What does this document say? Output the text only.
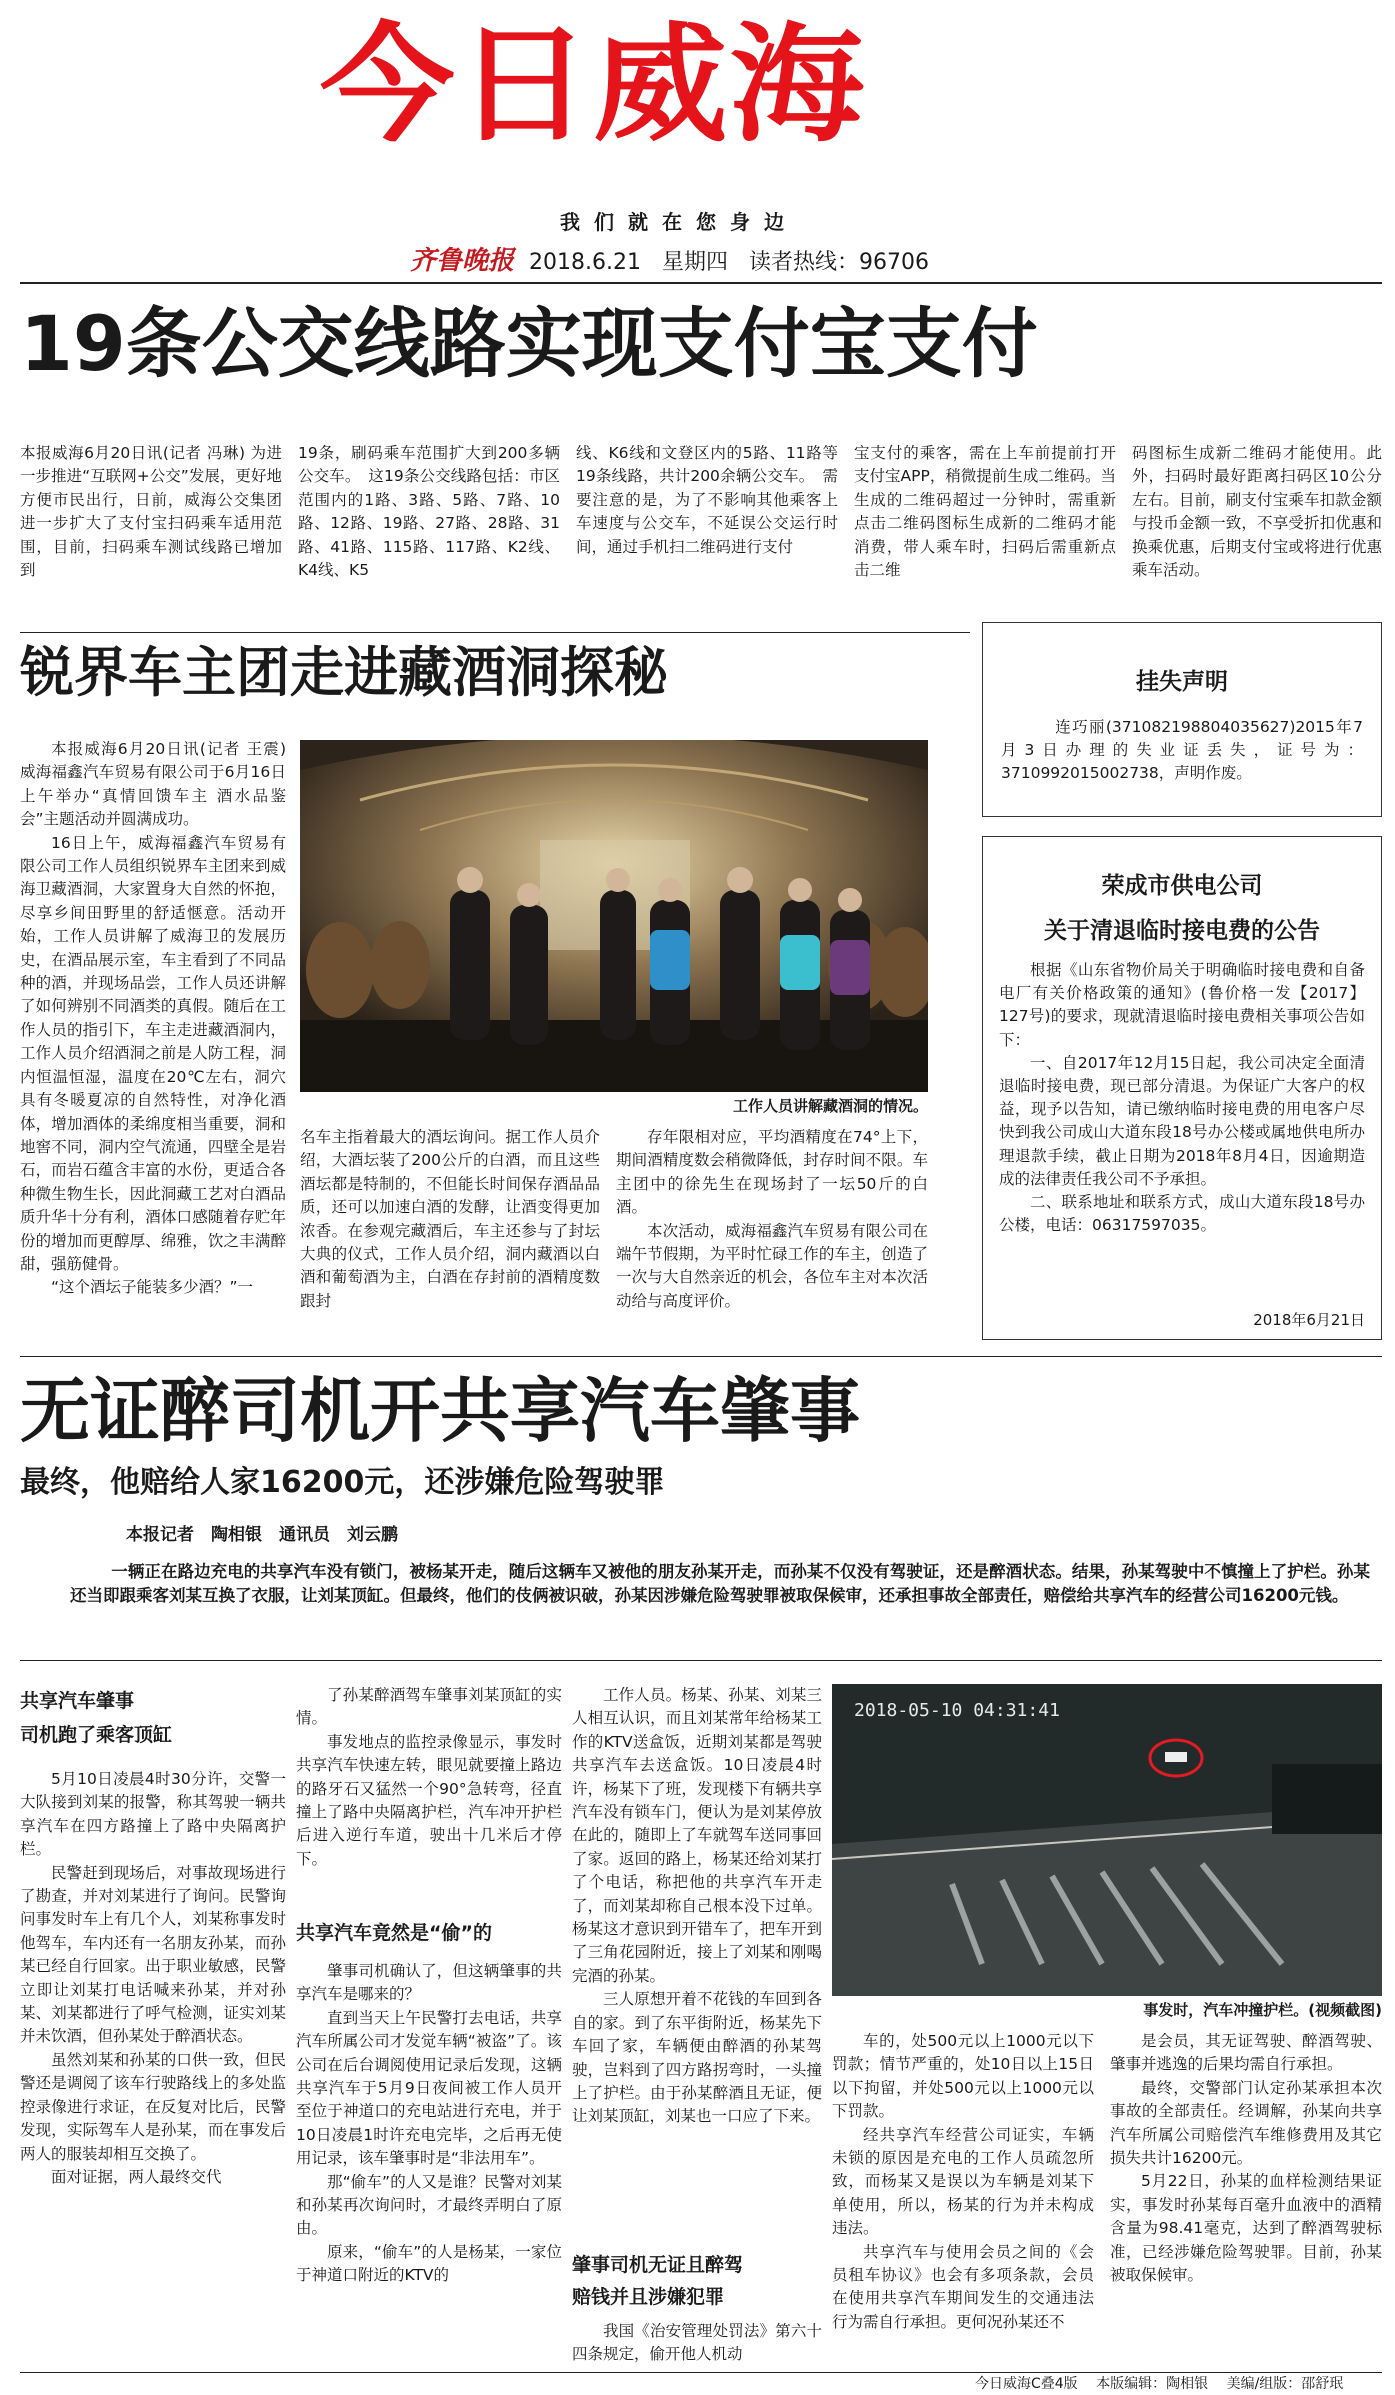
今日威海
我们就在您身边
齐鲁晚报 2018.6.21 星期四 读者热线：96706
19条公交线路实现支付宝支付
本报威海6月20日讯(记者 冯琳) 为进一步推进“互联网+公交”发展，更好地方便市民出行，日前，威海公交集团进一步扩大了支付宝扫码乘车适用范围，目前，扫码乘车测试线路已增加到
19条，刷码乘车范围扩大到200多辆公交车。　这19条公交线路包括：市区范围内的1路、3路、5路、7路、10路、12路、19路、27路、28路、31路、41路、115路、117路、K2线、K4线、K5
线、K6线和文登区内的5路、11路等19条线路，共计200余辆公交车。　需要注意的是，为了不影响其他乘客上车速度与公交车，不延误公交运行时间，通过手机扫二维码进行支付
宝支付的乘客，需在上车前提前打开支付宝APP，稍微提前生成二维码。当生成的二维码超过一分钟时，需重新点击二维码图标生成新的二维码才能消费，带人乘车时，扫码后需重新点击二维
码图标生成新二维码才能使用。此外，扫码时最好距离扫码区10公分左右。目前，刷支付宝乘车扣款金额与投币金额一致，不享受折扣优惠和换乘优惠，后期支付宝或将进行优惠乘车活动。
挂失声明
连巧丽(371082198804035627)2015年7月3日办理的失业证丢失，证号为：3710992015002738，声明作废。
锐界车主团走进藏酒洞探秘

本报威海6月20日讯(记者 王震) 威海福鑫汽车贸易有限公司于6月16日上午举办“真情回馈车主 酒水品鉴会”主题活动并圆满成功。

16日上午，威海福鑫汽车贸易有限公司工作人员组织锐界车主团来到威海卫藏酒洞，大家置身大自然的怀抱，尽享乡间田野里的舒适惬意。活动开始，工作人员讲解了威海卫的发展历史，在酒品展示室，车主看到了不同品种的酒，并现场品尝，工作人员还讲解了如何辨别不同酒类的真假。随后在工作人员的指引下，车主走进藏酒洞内，工作人员介绍酒洞之前是人防工程，洞内恒温恒湿，温度在20℃左右，洞穴具有冬暖夏凉的自然特性，对净化酒体，增加酒体的柔绵度相当重要，洞和地窖不同，洞内空气流通，四壁全是岩石，而岩石蕴含丰富的水份，更适合各种微生物生长，因此洞藏工艺对白酒品质升华十分有利，酒体口感随着存贮年份的增加而更醇厚、绵雅，饮之丰满醉甜，强筋健骨。

“这个酒坛子能装多少酒？”一

工作人员讲解藏酒洞的情况。
名车主指着最大的酒坛询问。据工作人员介绍，大酒坛装了200公斤的白酒，而且这些酒坛都是特制的，不但能长时间保存酒品品质，还可以加速白酒的发酵，让酒变得更加浓香。在参观完藏酒后，车主还参与了封坛大典的仪式，工作人员介绍，洞内藏酒以白酒和葡萄酒为主，白酒在存封前的酒精度数跟封

存年限相对应，平均酒精度在74°上下，期间酒精度数会稍微降低，封存时间不限。车主团中的徐先生在现场封了一坛50斤的白酒。

本次活动，威海福鑫汽车贸易有限公司在端午节假期，为平时忙碌工作的车主，创造了一次与大自然亲近的机会，各位车主对本次活动给与高度评价。

荣成市供电公司
关于清退临时接电费的公告

根据《山东省物价局关于明确临时接电费和自备电厂有关价格政策的通知》(鲁价格一发【2017】127号)的要求，现就清退临时接电费相关事项公告如下：

一、自2017年12月15日起，我公司决定全面清退临时接电费，现已部分清退。为保证广大客户的权益，现予以告知，请已缴纳临时接电费的用电客户尽快到我公司成山大道东段18号办公楼或属地供电所办理退款手续，截止日期为2018年8月4日，因逾期造成的法律责任我公司不予承担。

二、联系地址和联系方式，成山大道东段18号办公楼，电话：06317597035。

2018年6月21日
无证醉司机开共享汽车肇事
最终，他赔给人家16200元，还涉嫌危险驾驶罪
本报记者　陶相银　通讯员　刘云鹏
一辆正在路边充电的共享汽车没有锁门，被杨某开走，随后这辆车又被他的朋友孙某开走，而孙某不仅没有驾驶证，还是醉酒状态。结果，孙某驾驶中不慎撞上了护栏。孙某还当即跟乘客刘某互换了衣服，让刘某顶缸。但最终，他们的伎俩被识破，孙某因涉嫌危险驾驶罪被取保候审，还承担事故全部责任，赔偿给共享汽车的经营公司16200元钱。
共享汽车肇事
司机跑了乘客顶缸

5月10日凌晨4时30分许，交警一大队接到刘某的报警，称其驾驶一辆共享汽车在四方路撞上了路中央隔离护栏。

民警赶到现场后，对事故现场进行了勘查，并对刘某进行了询问。民警询问事发时车上有几个人，刘某称事发时他驾车，车内还有一名朋友孙某，而孙某已经自行回家。出于职业敏感，民警立即让刘某打电话喊来孙某，并对孙某、刘某都进行了呼气检测，证实刘某并未饮酒，但孙某处于醉酒状态。

虽然刘某和孙某的口供一致，但民警还是调阅了该车行驶路线上的多处监控录像进行求证，在反复对比后，民警发现，实际驾车人是孙某，而在事发后两人的服装却相互交换了。

面对证据，两人最终交代

了孙某醉酒驾车肇事刘某顶缸的实情。

事发地点的监控录像显示，事发时共享汽车快速左转，眼见就要撞上路边的路牙石又猛然一个90°急转弯，径直撞上了路中央隔离护栏，汽车冲开护栏后进入逆行车道，驶出十几米后才停下。

共享汽车竟然是“偷”的

肇事司机确认了，但这辆肇事的共享汽车是哪来的？

直到当天上午民警打去电话，共享汽车所属公司才发觉车辆“被盗”了。该公司在后台调阅使用记录后发现，这辆共享汽车于5月9日夜间被工作人员开至位于神道口的充电站进行充电，并于10日凌晨1时许充电完毕，之后再无使用记录，该车肇事时是“非法用车”。

那“偷车”的人又是谁？民警对刘某和孙某再次询问时，才最终弄明白了原由。

原来，“偷车”的人是杨某，一家位于神道口附近的KTV的

工作人员。杨某、孙某、刘某三人相互认识，而且刘某常年给杨某工作的KTV送盒饭，近期刘某都是驾驶共享汽车去送盒饭。10日凌晨4时许，杨某下了班，发现楼下有辆共享汽车没有锁车门，便认为是刘某停放在此的，随即上了车就驾车送同事回了家。返回的路上，杨某还给刘某打了个电话，称把他的共享汽车开走了，而刘某却称自己根本没下过单。杨某这才意识到开错车了，把车开到了三角花园附近，接上了刘某和刚喝完酒的孙某。

三人原想开着不花钱的车回到各自的家。到了东平街附近，杨某先下车回了家，车辆便由醉酒的孙某驾驶，岂料到了四方路拐弯时，一头撞上了护栏。由于孙某醉酒且无证，便让刘某顶缸，刘某也一口应了下来。

肇事司机无证且醉驾
赔钱并且涉嫌犯罪

我国《治安管理处罚法》第六十四条规定，偷开他人机动

2018-05-10 04:31:41
事发时，汽车冲撞护栏。(视频截图)

车的，处500元以上1000元以下罚款；情节严重的，处10日以上15日以下拘留，并处500元以上1000元以下罚款。

经共享汽车经营公司证实，车辆未锁的原因是充电的工作人员疏忽所致，而杨某又是误以为车辆是刘某下单使用，所以，杨某的行为并未构成违法。

共享汽车与使用会员之间的《会员租车协议》也会有多项条款，会员在使用共享汽车期间发生的交通违法行为需自行承担。更何况孙某还不

是会员，其无证驾驶、醉酒驾驶、肇事并逃逸的后果均需自行承担。

最终，交警部门认定孙某承担本次事故的全部责任。经调解，孙某向共享汽车所属公司赔偿汽车维修费用及其它损失共计16200元。

5月22日，孙某的血样检测结果证实，事发时孙某每百毫升血液中的酒精含量为98.41毫克，达到了醉酒驾驶标准，已经涉嫌危险驾驶罪。目前，孙某被取保候审。

今日威海C叠4版　 本版编辑：陶相银　 美编/组版：邵舒珉
